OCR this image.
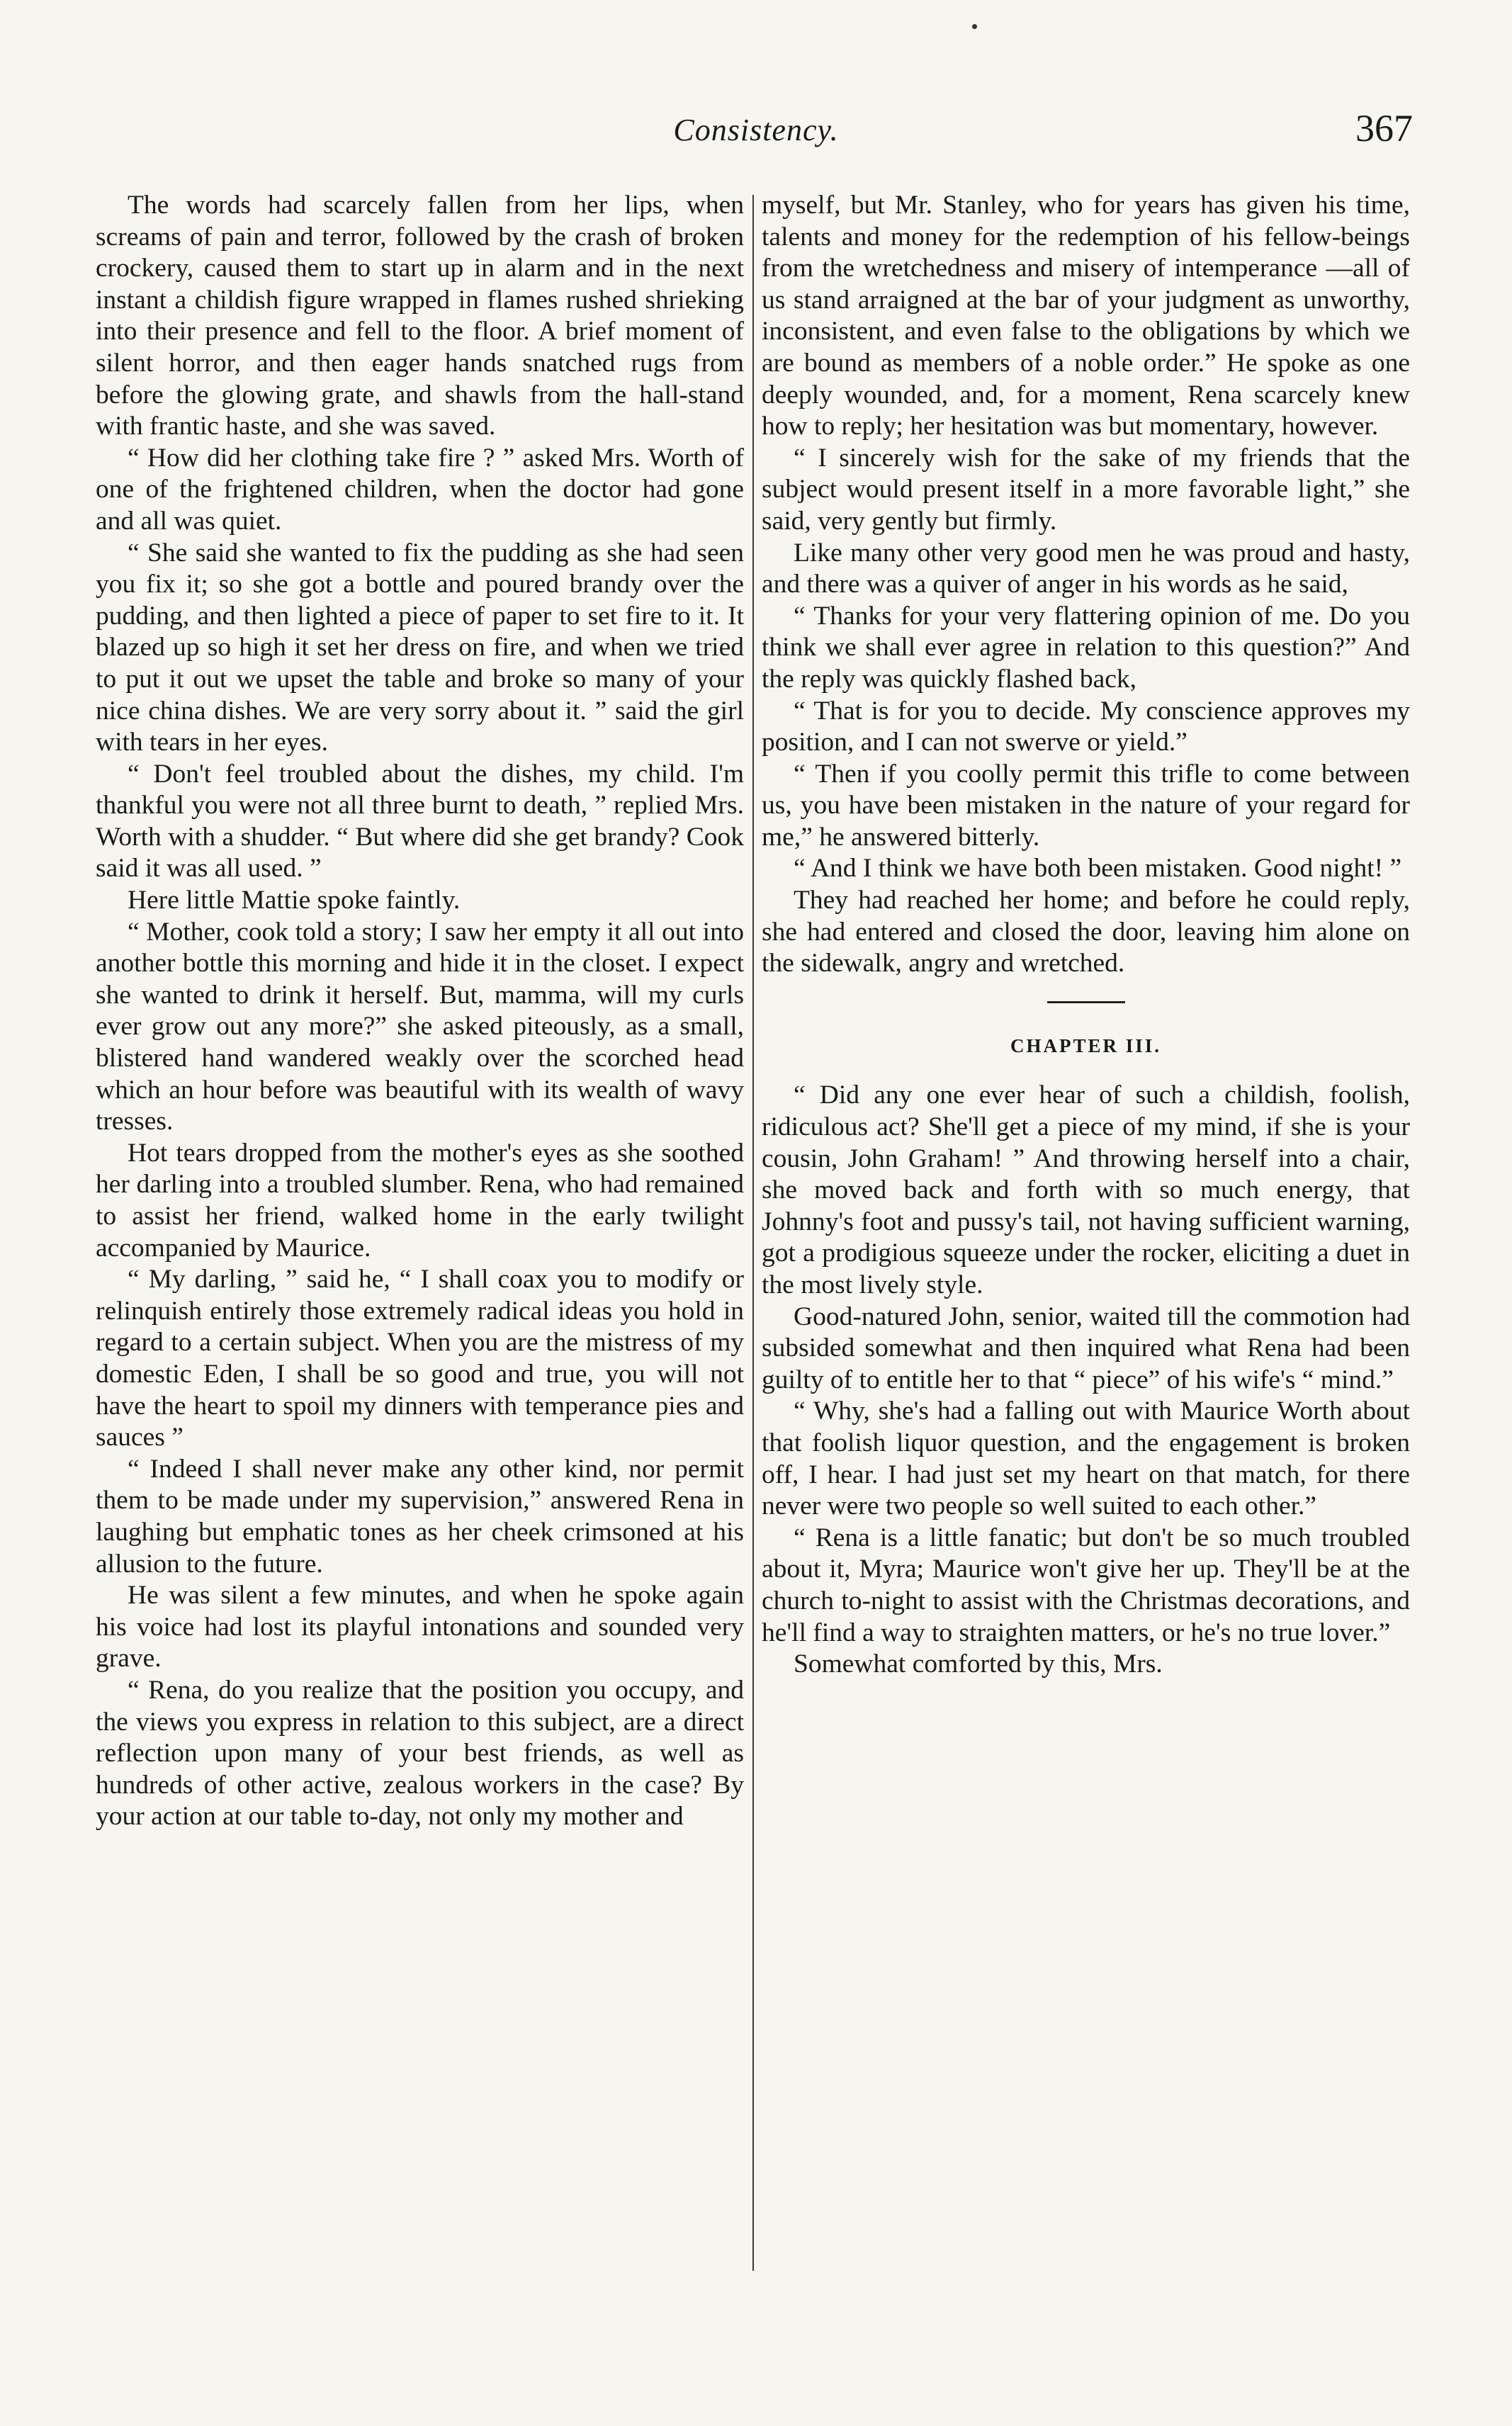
Consistency.	367

The words had scarcely fallen from her lips, when screams of pain and terror, followed by the crash of broken crockery, caused them to start up in alarm and in the next instant a childish figure wrapped in flames rushed shrieking into their presence and fell to the floor. A brief moment of silent horror, and then eager hands snatched rugs from before the glowing grate, and shawls from the hall-stand with frantic haste, and she was saved.

“ How did her clothing take fire ? ” asked Mrs. Worth of one of the frightened children, when the doctor had gone and all was quiet.

“ She said she wanted to fix the pudding as she had seen you fix it; so she got a bottle and poured brandy over the pudding, and then lighted a piece of paper to set fire to it. It blazed up so high it set her dress on fire, and when we tried to put it out we upset the table and broke so many of your nice china dishes. We are very sorry about it. ” said the girl with tears in her eyes.

“ Don't feel troubled about the dishes, my child. I'm thankful you were not all three burnt to death, ” replied Mrs. Worth with a shudder. “ But where did she get brandy? Cook said it was all used. ”

Here little Mattie spoke faintly.

“ Mother, cook told a story; I saw her empty it all out into another bottle this morning and hide it in the closet. I expect she wanted to drink it herself. But, mamma, will my curls ever grow out any more?” she asked piteously, as a small, blistered hand wandered weakly over the scorched head which an hour before was beautiful with its wealth of wavy tresses.

Hot tears dropped from the mother's eyes as she soothed her darling into a troubled slumber. Rena, who had remained to assist her friend, walked home in the early twilight accompanied by Maurice.

“ My darling, ” said he, “ I shall coax you to modify or relinquish entirely those extremely radical ideas you hold in regard to a certain subject. When you are the mistress of my domestic Eden, I shall be so good and true, you will not have the heart to spoil my dinners with temperance pies and sauces ”

“ Indeed I shall never make any other kind, nor permit them to be made under my supervision,” answered Rena in laughing but emphatic tones as her cheek crimsoned at his allusion to the future.

He was silent a few minutes, and when he spoke again his voice had lost its playful intonations and sounded very grave.

“ Rena, do you realize that the position you occupy, and the views you express in relation to this subject, are a direct reflection upon many of your best friends, as well as hundreds of other active, zealous workers in the case? By your action at our table to-day, not only my mother and

myself, but Mr. Stanley, who for years has given his time, talents and money for the redemption of his fellow-beings from the wretchedness and misery of intemperance —all of us stand arraigned at the bar of your judgment as unworthy, inconsistent, and even false to the obligations by which we are bound as members of a noble order.” He spoke as one deeply wounded, and, for a moment, Rena scarcely knew how to reply; her hesitation was but momentary, however.

“ I sincerely wish for the sake of my friends that the subject would present itself in a more favorable light,” she said, very gently but firmly.

Like many other very good men he was proud and hasty, and there was a quiver of anger in his words as he said,

“ Thanks for your very flattering opinion of me. Do you think we shall ever agree in relation to this question?” And the reply was quickly flashed back,

“ That is for you to decide. My conscience approves my position, and I can not swerve or yield.”

“ Then if you coolly permit this trifle to come between us, you have been mistaken in the nature of your regard for me,” he answered bitterly.

“ And I think we have both been mistaken. Good night! ”

They had reached her home; and before he could reply, she had entered and closed the door, leaving him alone on the sidewalk, angry and wretched.

CHAPTER III.

“ Did any one ever hear of such a childish, foolish, ridiculous act? She'll get a piece of my mind, if she is your cousin, John Graham! ” And throwing herself into a chair, she moved back and forth with so much energy, that Johnny's foot and pussy's tail, not having sufficient warning, got a prodigious squeeze under the rocker, eliciting a duet in the most lively style.

Good-natured John, senior, waited till the commotion had subsided somewhat and then inquired what Rena had been guilty of to entitle her to that “ piece” of his wife's “ mind.”

“ Why, she's had a falling out with Maurice Worth about that foolish liquor question, and the engagement is broken off, I hear. I had just set my heart on that match, for there never were two people so well suited to each other.”

“ Rena is a little fanatic; but don't be so much troubled about it, Myra; Maurice won't give her up. They'll be at the church to-night to assist with the Christmas decorations, and he'll find a way to straighten matters, or he's no true lover.”

Somewhat comforted by this, Mrs.
